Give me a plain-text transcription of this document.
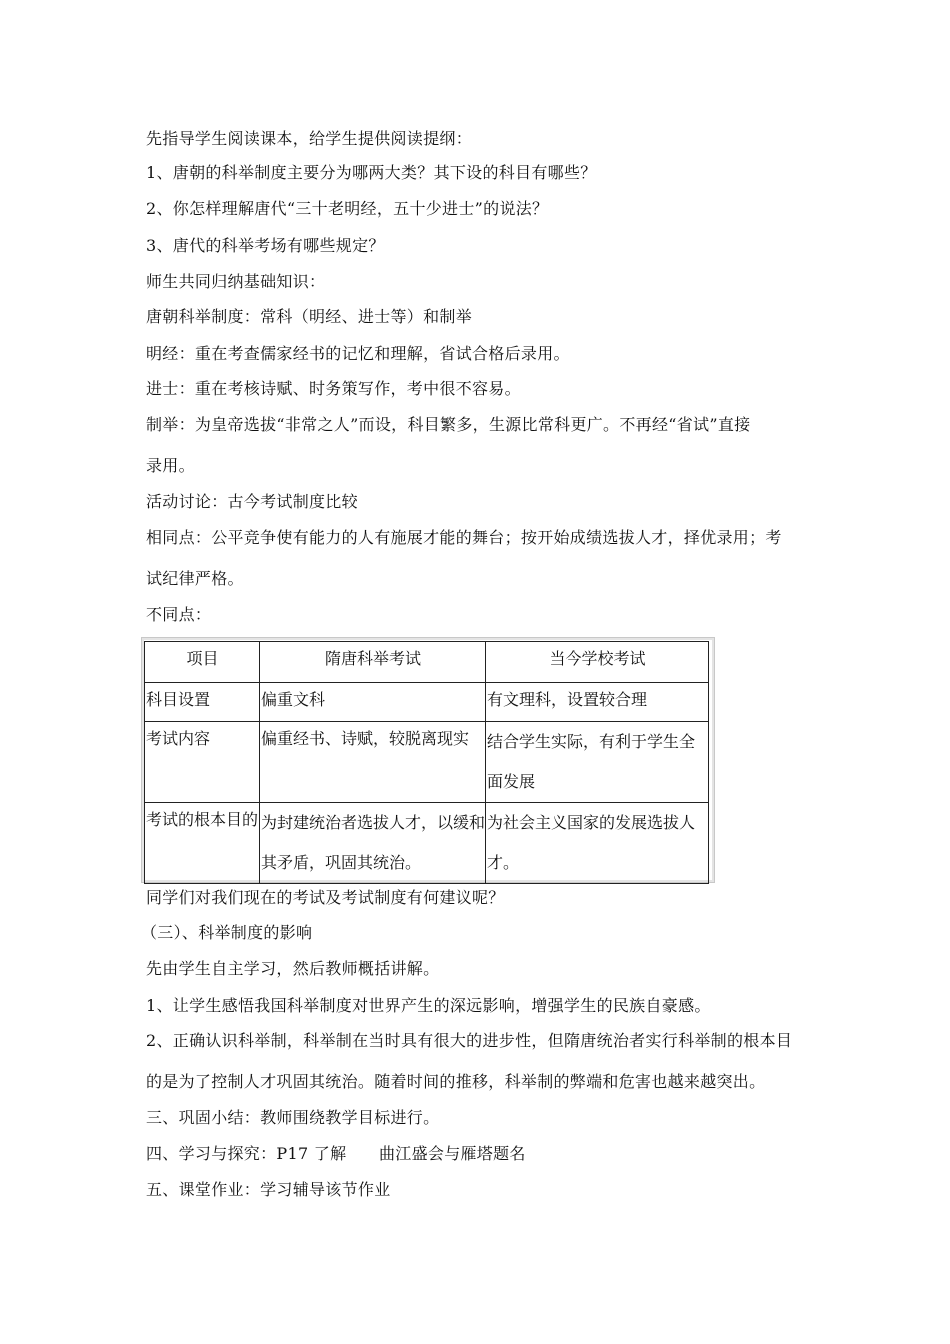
先指导学生阅读课本，给学生提供阅读提纲：
1、唐朝的科举制度主要分为哪两大类？其下设的科目有哪些？
2、你怎样理解唐代“三十老明经，五十少进士”的说法？
3、唐代的科举考场有哪些规定？
师生共同归纳基础知识：
唐朝科举制度：常科（明经、进士等）和制举
明经：重在考查儒家经书的记忆和理解，省试合格后录用。
进士：重在考核诗赋、时务策写作，考中很不容易。
制举：为皇帝选拔“非常之人”而设，科目繁多，生源比常科更广。不再经“省试”直接
录用。
活动讨论：古今考试制度比较
相同点：公平竞争使有能力的人有施展才能的舞台；按开始成绩选拔人才，择优录用；考
试纪律严格。
不同点：
项目	隋唐科举考试	当今学校考试
科目设置	偏重文科	有文理科，设置较合理
考试内容	偏重经书、诗赋，较脱离现实	结合学生实际，有利于学生全面发展
考试的根本目的	为封建统治者选拔人才，以缓和其矛盾，巩固其统治。	为社会主义国家的发展选拔人才。
同学们对我们现在的考试及考试制度有何建议呢？
（三）、科举制度的影响
先由学生自主学习，然后教师概括讲解。
1、让学生感悟我国科举制度对世界产生的深远影响，增强学生的民族自豪感。
2、正确认识科举制，科举制在当时具有很大的进步性，但隋唐统治者实行科举制的根本目
的是为了控制人才巩固其统治。随着时间的推移，科举制的弊端和危害也越来越突出。
三、巩固小结：教师围绕教学目标进行。
四、学习与探究：P17 了解　　曲江盛会与雁塔题名
五、课堂作业：学习辅导该节作业
